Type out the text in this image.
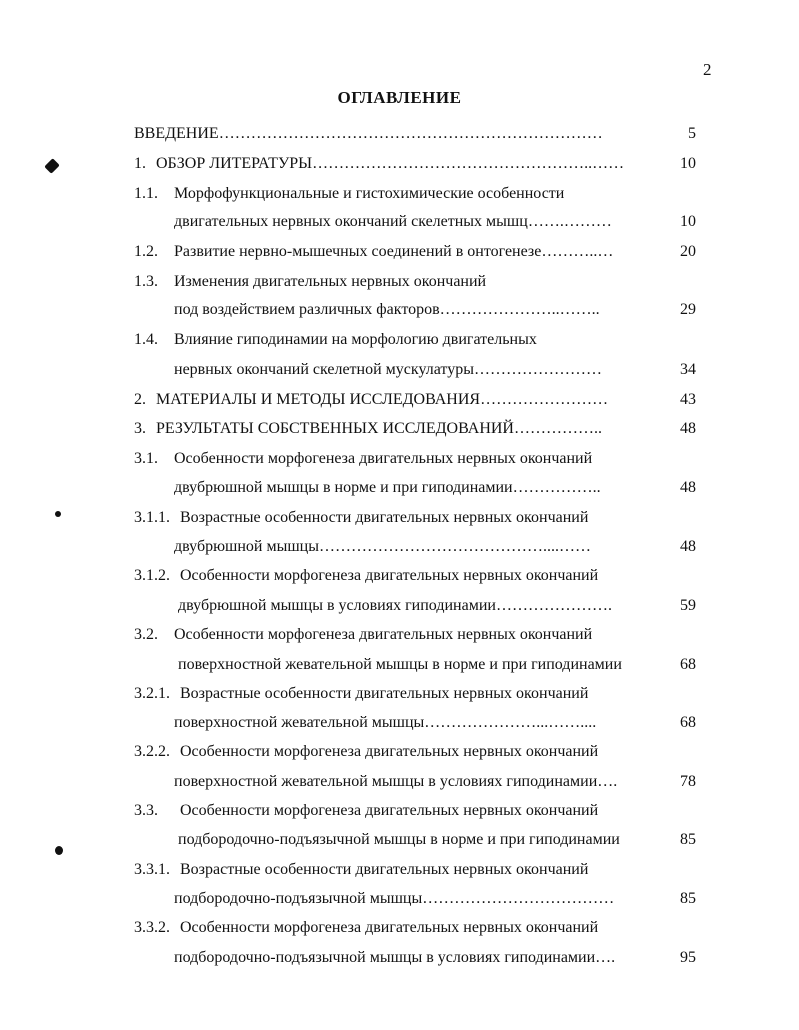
2
ОГЛАВЛЕНИЕ
ВВЕДЕНИЕ………………………………………………………………	5
1. ОБЗОР ЛИТЕРАТУРЫ……………………………………………..……	10
1.1. Морфофункциональные и гистохимические особенности
двигательных нервных окончаний скелетных мышц…….………	10
1.2. Развитие нервно-мышечных соединений в онтогенезе………..…	20
1.3. Изменения двигательных нервных окончаний
под воздействием различных факторов…………………..……..	29
1.4. Влияние гиподинамии на морфологию двигательных
нервных окончаний скелетной мускулатуры……………………	34
2. МАТЕРИАЛЫ И МЕТОДЫ ИССЛЕДОВАНИЯ……………………	43
3. РЕЗУЛЬТАТЫ СОБСТВЕННЫХ ИССЛЕДОВАНИЙ……………..	48
3.1. Особенности морфогенеза двигательных нервных окончаний
двубрюшной мышцы в норме и при гиподинамии……………..	48
3.1.1. Возрастные особенности двигательных нервных окончаний
двубрюшной мышцы……………………………………....……	48
3.1.2. Особенности морфогенеза двигательных нервных окончаний
двубрюшной мышцы в условиях гиподинамии………………….	59
3.2. Особенности морфогенеза двигательных нервных окончаний
поверхностной жевательной мышцы в норме и при гиподинамии	68
3.2.1. Возрастные особенности двигательных нервных окончаний
поверхностной жевательной мышцы…………………...……....	68
3.2.2. Особенности морфогенеза двигательных нервных окончаний
поверхностной жевательной мышцы в условиях гиподинамии….	78
3.3. Особенности морфогенеза двигательных нервных окончаний
подбородочно-подъязычной мышцы в норме и при гиподинамии	85
3.3.1. Возрастные особенности двигательных нервных окончаний
подбородочно-подъязычной мышцы………………………………	85
3.3.2. Особенности морфогенеза двигательных нервных окончаний
подбородочно-подъязычной мышцы в условиях гиподинамии….	95
